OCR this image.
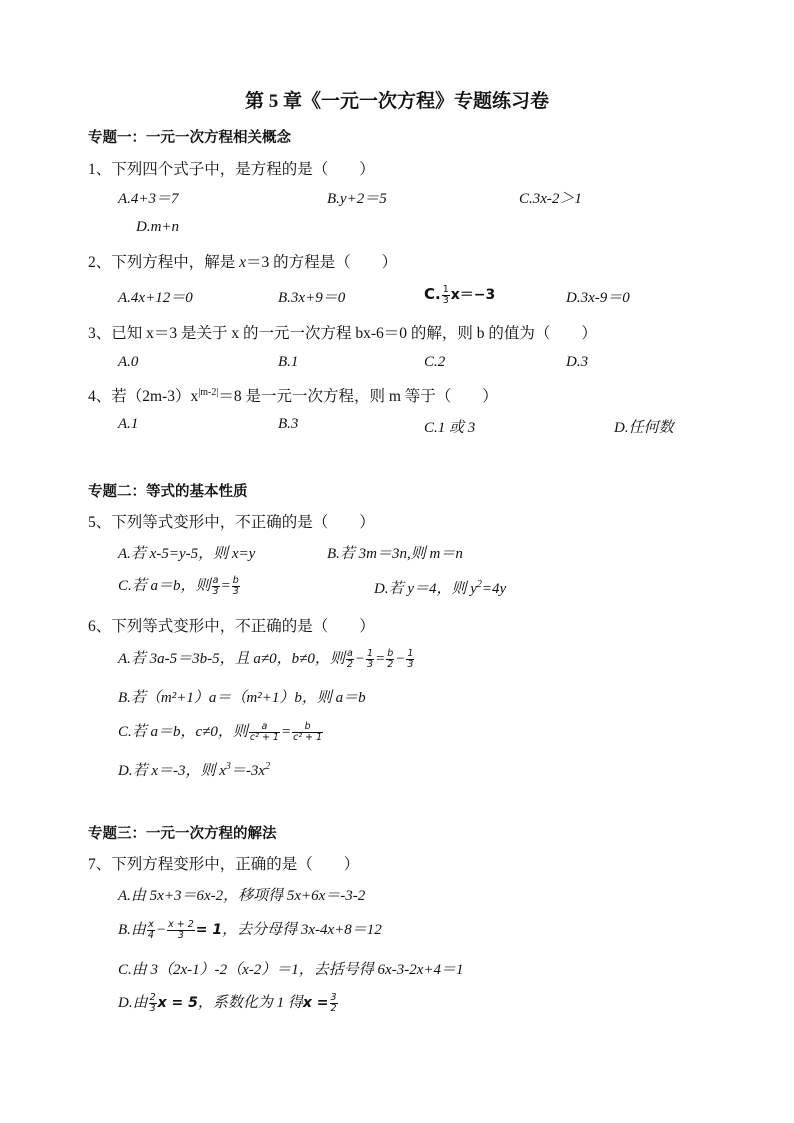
第 5 章《一元一次方程》专题练习卷
专题一：一元一次方程相关概念
1、下列四个式子中，是方程的是（　　）
A.4+3＝7	B.y+2＝5	C.3x-2＞1
D.m+n
2、下列方程中，解是 x＝3 的方程是（　　）
A.4x+12＝0	B.3x+9＝0	C. $\frac{1}{3} x=-3$	D.3x-9＝0
3、已知 x＝3 是关于 x 的一元一次方程 bx-6＝0 的解，则 b 的值为（　　）
A.0	B.1	C.2	D.3
4、若$(2m-3)x^{|m-2|}=8$ 是一元一次方程，则 m 等于（　　）
A.1	B.3	C.1 或 3	D.任何数
专题二：等式的基本性质
5、下列等式变形中，不正确的是（　　）
A.若 x-5=y-5，则 x=y	B.若 3m＝3n,则 m＝n
C.若 a＝b，则 $\frac{a}{3} = \frac{b}{3}$	D.若 y＝4，则 $y^2=4y$
6、下列等式变形中，不正确的是（　　）
A.若 3a-5＝3b-5，且 a≠0，b≠0，则 $\frac{a}{2} - \frac{1}{3} = \frac{b}{2} - \frac{1}{3}$
B.若（m²+1）a＝（m²+1）b，则 a＝b
C.若 a＝b，c≠0，则 $\frac{a}{\text{c² + 1}} = \frac{b}{\text{c² + 1}}$
D.若 x＝-3，则 $x^3=-3x^2$
专题三：一元一次方程的解法
7、下列方程变形中，正确的是（　　）
A.由 5x+3＝6x-2，移项得 5x+6x＝-3-2
B.由 $\frac{x}{4} - \frac{x + 2}{3} = 1$，去分母得 3x-4x+8＝12
C.由 3（2x-1）-2（x-2）＝1，去括号得 6x-3-2x+4＝1
D.由 $\frac{2}{3}$ x = 5，系数化为 1 得$x = \frac{3}{2}$
